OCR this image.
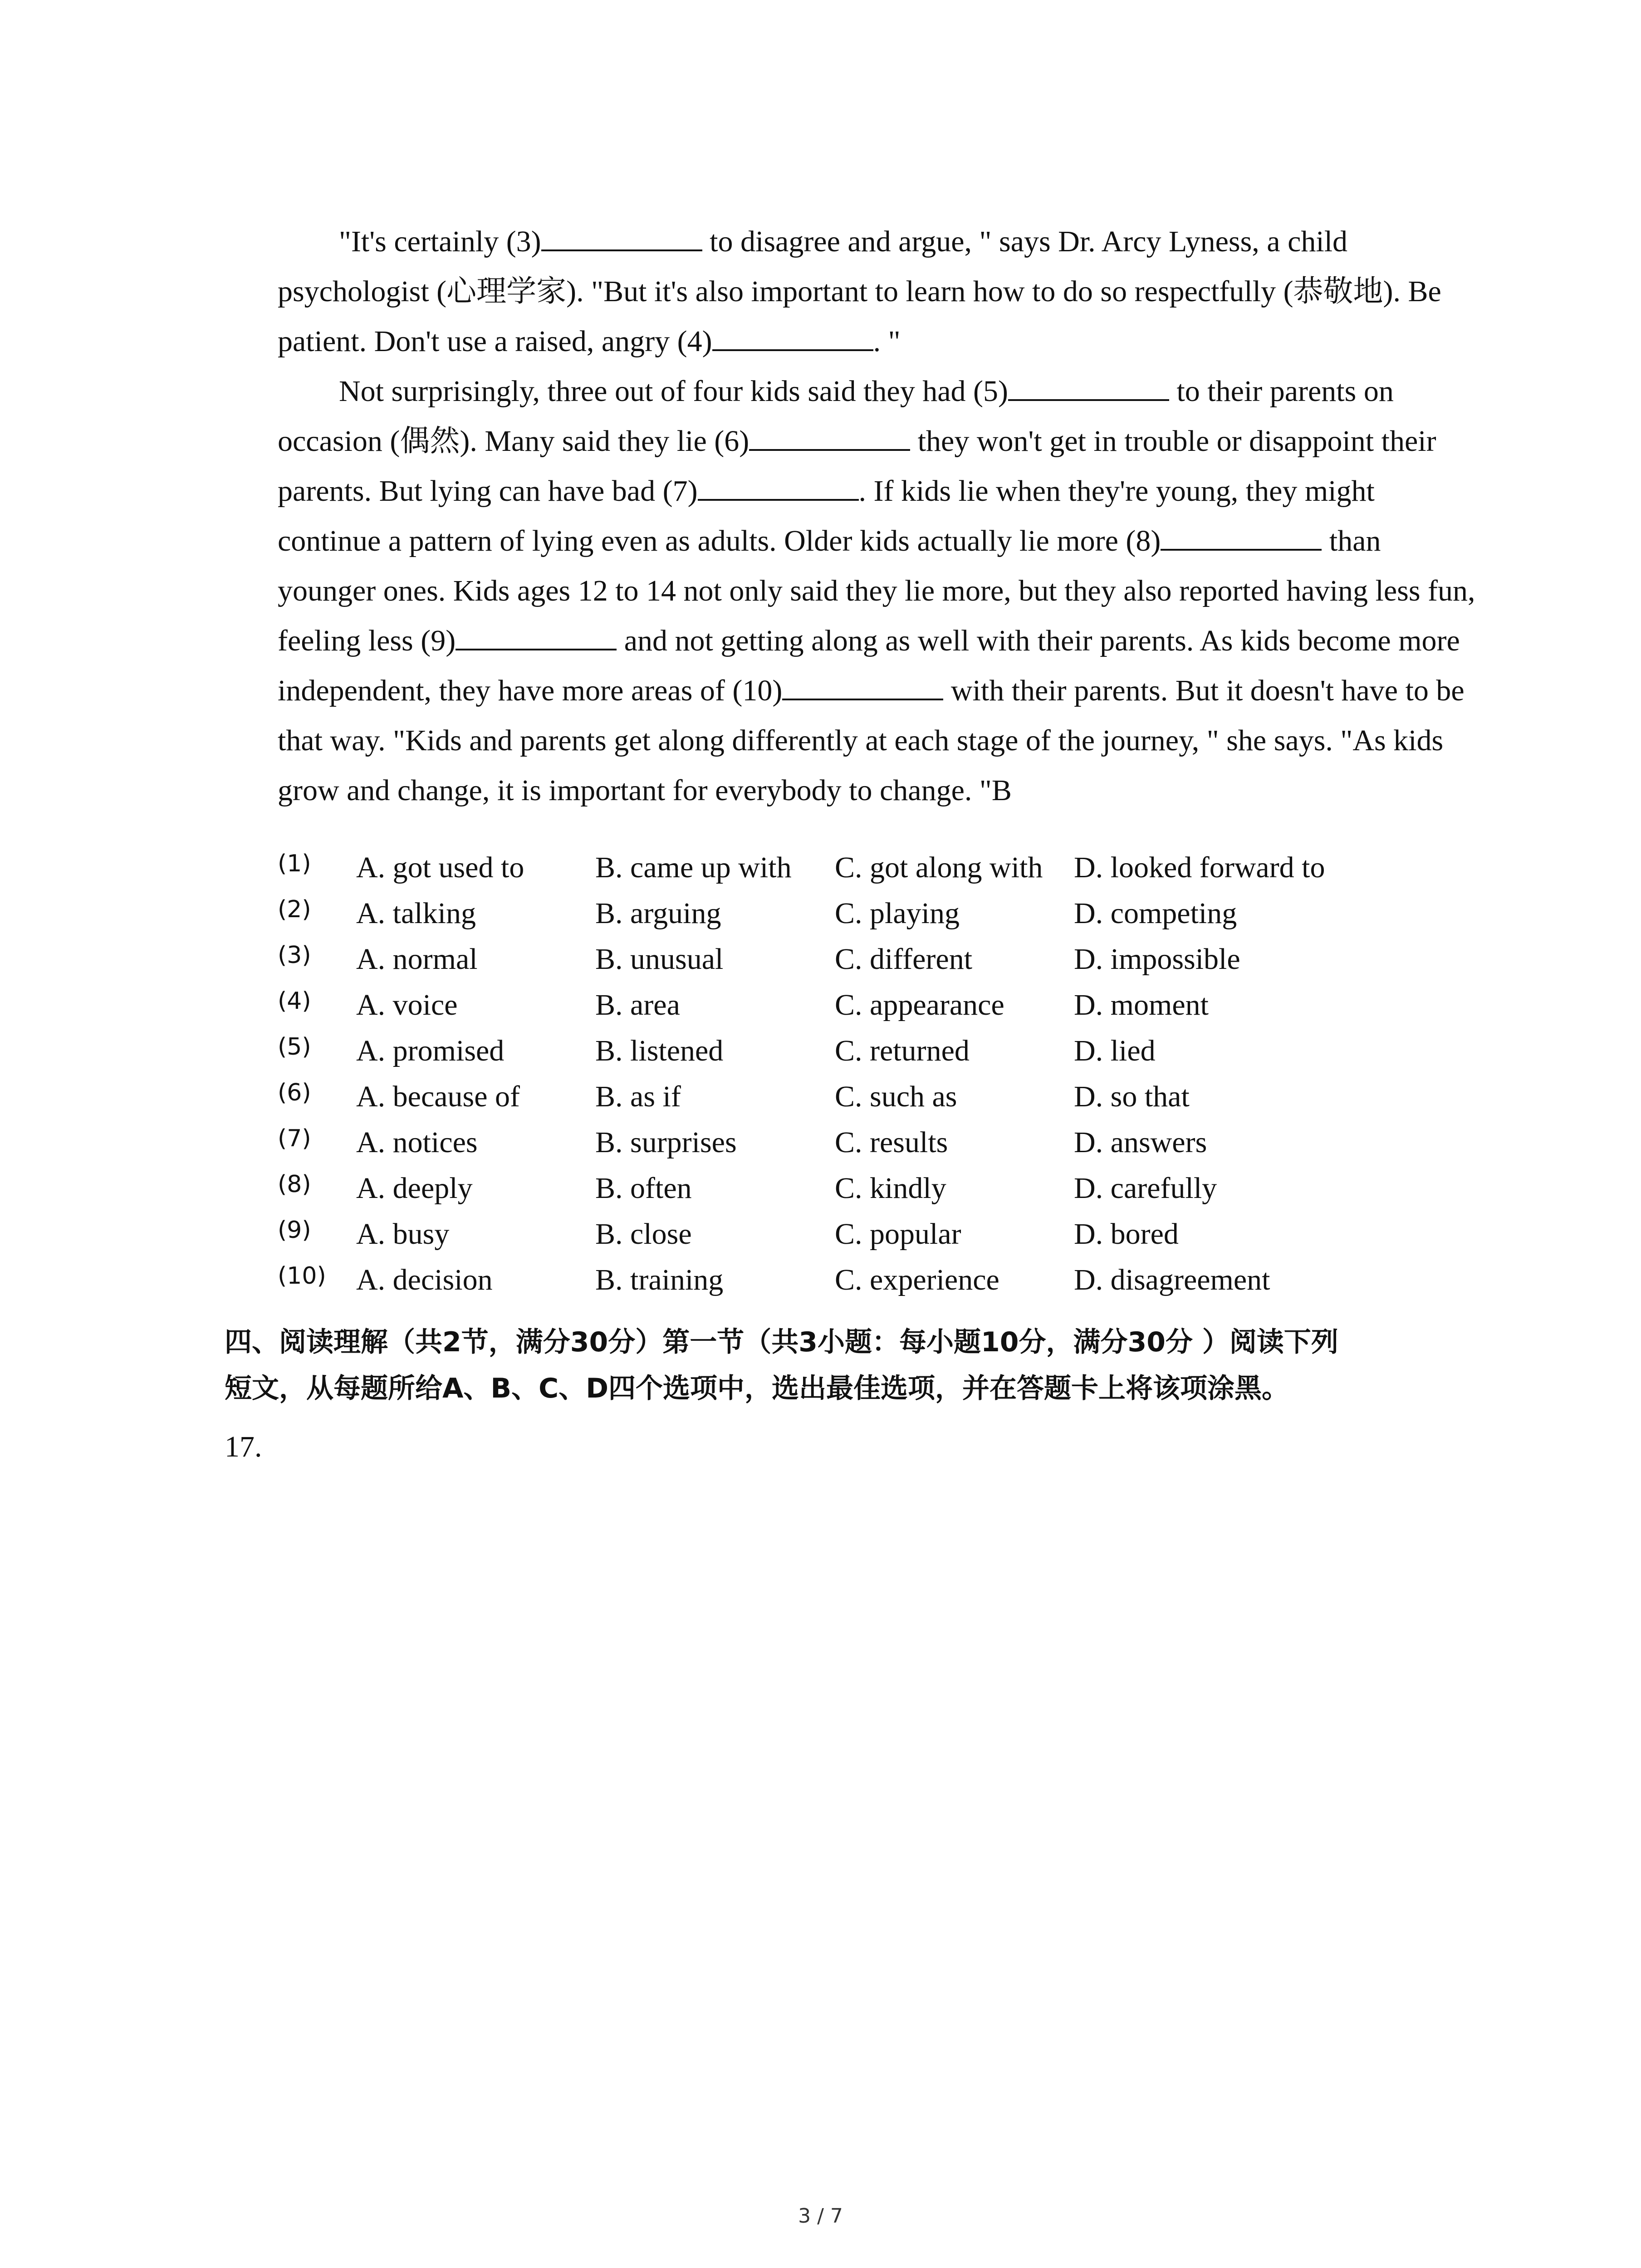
"It's certainly (3)	to disagree and argue, " says Dr. Arcy Lyness, a child psychologist (心理学家). "But it's also important to learn how to do so respectfully (恭敬地). Be patient. Don't use a raised, angry (4)	. "

Not surprisingly, three out of four kids said they had (5)	to their parents on occasion (偶然). Many said they lie (6)	they won't get in trouble or disappoint their parents. But lying can have bad (7)	. If kids lie when they're young, they might continue a pattern of lying even as adults. Older kids actually lie more (8)	than younger ones. Kids ages 12 to 14 not only said they lie more, but they also reported having less fun, feeling less (9)	and not getting along as well with their parents. As kids become more independent, they have more areas of (10)	with their parents. But it doesn't have to be that way. "Kids and parents get along differently at each stage of the journey, " she says. "As kids grow and change, it is important for everybody to change. "B

(1) A. got used to B. came up with C. got along with D. looked forward to
(2) A. talking	B. arguing	C. playing	D. competing
(3) A. normal	B. unusual	C. different	D. impossible
(4) A. voice	B. area	C. appearance D. moment
(5) A. promised	B. listened	C. returned	D. lied
(6) A. because of	B. as if	C. such as	D. so that
(7) A. notices	B. surprises	C. results	D. answers
(8) A. deeply	B. often	C. kindly	D. carefully
(9) A. busy	B. close	C. popular	D. bored
(10) A. decision	B. training	C. experience D. disagreement

四、阅读理解（共2节，满分30分）第一节（共3小题：每小题10分，满分30分 ）阅读下列

短文，从每题所给A、B、C、D四个选项中，选出最佳选项，并在答题卡上将该项涂黑。

17.
3 / 7
